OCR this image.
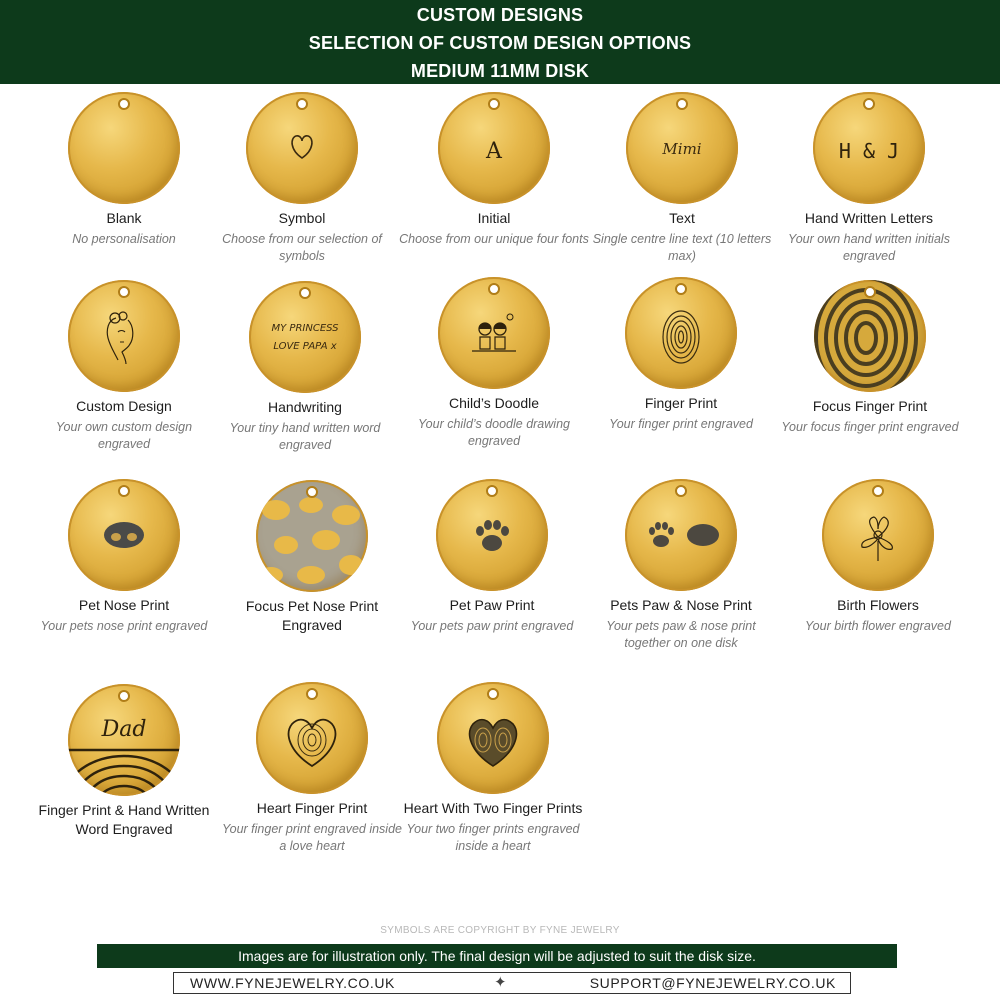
CUSTOM DESIGNS
SELECTION OF CUSTOM DESIGN OPTIONS
MEDIUM 11MM DISK
Blank
No personalisation
Symbol
Choose from our selection of symbols
A
Initial
Choose from our unique four fonts
Mimi
Text
Single centre line text (10 letters max)
H & J
Hand Written Letters
Your own hand written initials engraved
Custom Design
Your own custom design engraved
MY PRINCESS
LOVE PAPA x
Handwriting
Your tiny hand written word engraved
Child’s Doodle
Your child’s doodle drawing engraved
Finger Print
Your finger print engraved
Focus Finger Print
Your focus finger print engraved
Pet Nose Print
Your pets nose print engraved
Focus Pet Nose Print Engraved
Pet Paw Print
Your pets paw print engraved
Pets Paw & Nose Print
Your pets paw & nose print together on one disk
Birth Flowers
Your birth flower engraved
Dad
Finger Print & Hand Written Word Engraved
Heart Finger Print
Your finger print engraved inside a love heart
Heart With Two Finger Prints
Your two finger prints engraved inside a heart
SYMBOLS ARE COPYRIGHT BY FYNE JEWELRY
Images are for illustration only. The final design will be adjusted to suit the disk size.
WWW.FYNEJEWELRY.CO.UK	✦	SUPPORT@FYNEJEWELRY.CO.UK
